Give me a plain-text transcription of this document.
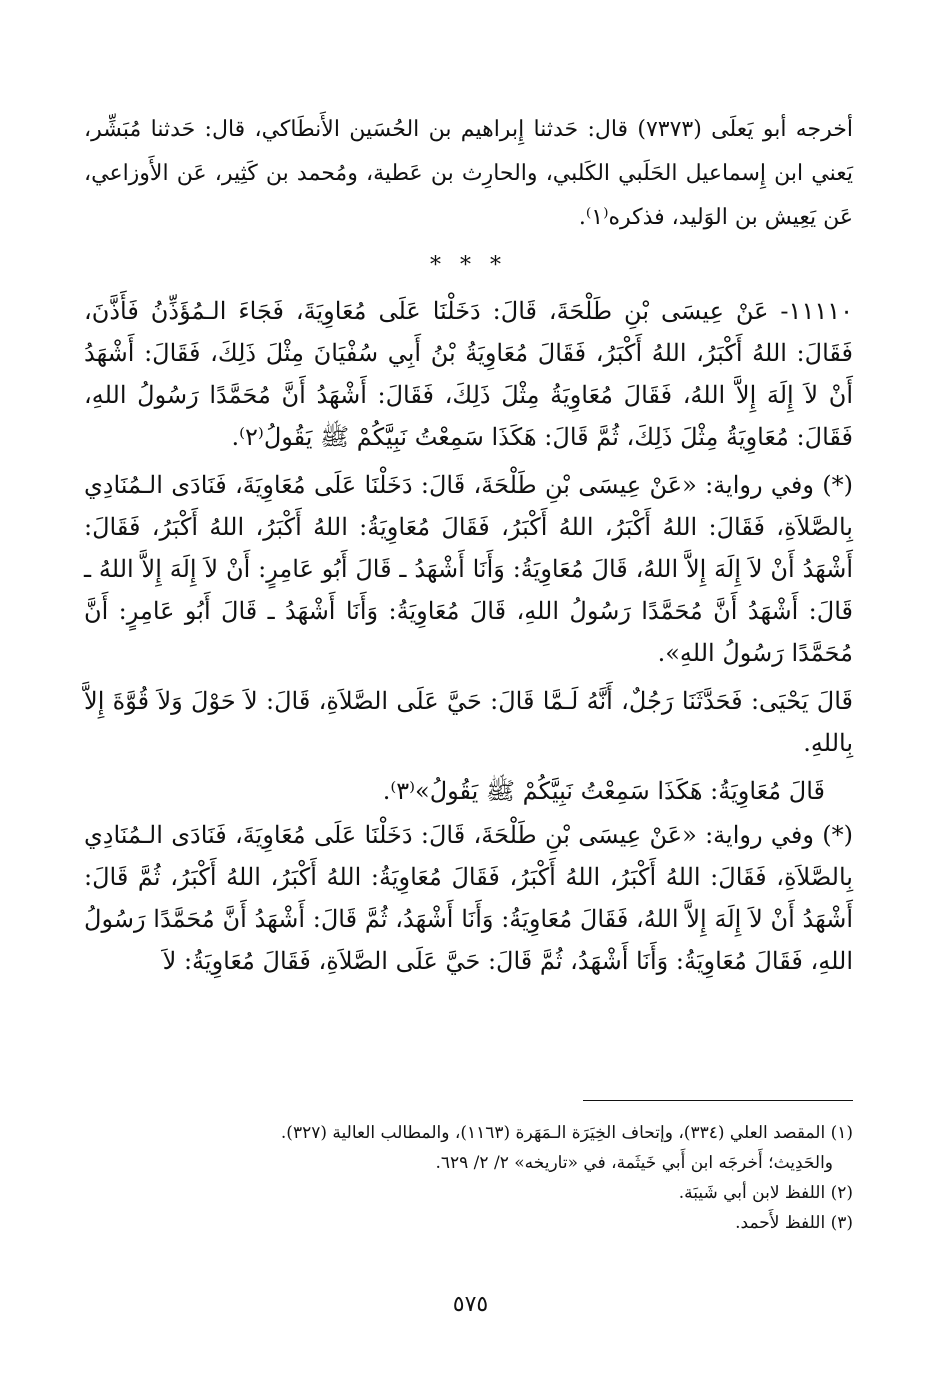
أخرجه أبو يَعلَى (٧٣٧٣) قال: حَدثنا إِبراهيم بن الحُسَين الأَنطَاكي، قال: حَدثنا مُبَشِّر، يَعني ابن إِسماعيل الحَلَبي الكَلبي، والحارِث بن عَطية، ومُحمد بن كَثِير، عَن الأَوزاعي، عَن يَعِيش بن الوَليد، فذكره⁽١⁾.

* * *

١١١١٠- عَنْ عِيسَى بْنِ طَلْحَةَ، قَالَ: دَخَلْنَا عَلَى مُعَاوِيَةَ، فَجَاءَ الـمُؤَذِّنُ فَأَذَّنَ، فَقَالَ: اللهُ أَكْبَرُ، اللهُ أَكْبَرُ، فَقَالَ مُعَاوِيَةُ بْنُ أَبِي سُفْيَانَ مِثْلَ ذَلِكَ، فَقَالَ: أَشْهَدُ أَنْ لاَ إِلَهَ إِلاَّ اللهُ، فَقَالَ مُعَاوِيَةُ مِثْلَ ذَلِكَ، فَقَالَ: أَشْهَدُ أَنَّ مُحَمَّدًا رَسُولُ اللهِ، فَقَالَ: مُعَاوِيَةُ مِثْلَ ذَلِكَ، ثُمَّ قَالَ: هَكَذَا سَمِعْتُ نَبِيَّكُمْ ﷺ يَقُولُ⁽٢⁾.

(*) وفي رواية: «عَنْ عِيسَى بْنِ طَلْحَةَ، قَالَ: دَخَلْنَا عَلَى مُعَاوِيَةَ، فَنَادَى الـمُنَادِي بِالصَّلاَةِ، فَقَالَ: اللهُ أَكْبَرُ، اللهُ أَكْبَرُ، فَقَالَ مُعَاوِيَةُ: اللهُ أَكْبَرُ، اللهُ أَكْبَرُ، فَقَالَ: أَشْهَدُ أَنْ لاَ إِلَهَ إِلاَّ اللهُ، قَالَ مُعَاوِيَةُ: وَأَنَا أَشْهَدُ ـ قَالَ أَبُو عَامِرٍ: أَنْ لاَ إِلَهَ إِلاَّ اللهُ ـ قَالَ: أَشْهَدُ أَنَّ مُحَمَّدًا رَسُولُ اللهِ، قَالَ مُعَاوِيَةُ: وَأَنَا أَشْهَدُ ـ قَالَ أَبُو عَامِرٍ: أَنَّ مُحَمَّدًا رَسُولُ اللهِ».

قَالَ يَحْيَى: فَحَدَّثَنَا رَجُلٌ، أَنَّهُ لَـمَّا قَالَ: حَيَّ عَلَى الصَّلاَةِ، قَالَ: لاَ حَوْلَ وَلاَ قُوَّةَ إِلاَّ بِاللهِ.

قَالَ مُعَاوِيَةُ: هَكَذَا سَمِعْتُ نَبِيَّكُمْ ﷺ يَقُولُ»⁽٣⁾.

(*) وفي رواية: «عَنْ عِيسَى بْنِ طَلْحَةَ، قَالَ: دَخَلْنَا عَلَى مُعَاوِيَةَ، فَنَادَى الـمُنَادِي بِالصَّلاَةِ، فَقَالَ: اللهُ أَكْبَرُ، اللهُ أَكْبَرُ، فَقَالَ مُعَاوِيَةُ: اللهُ أَكْبَرُ، اللهُ أَكْبَرُ، ثُمَّ قَالَ: أَشْهَدُ أَنْ لاَ إِلَهَ إِلاَّ اللهُ، فَقَالَ مُعَاوِيَةُ: وَأَنَا أَشْهَدُ، ثُمَّ قَالَ: أَشْهَدُ أَنَّ مُحَمَّدًا رَسُولُ اللهِ، فَقَالَ مُعَاوِيَةُ: وَأَنَا أَشْهَدُ، ثُمَّ قَالَ: حَيَّ عَلَى الصَّلاَةِ، فَقَالَ مُعَاوِيَةُ: لاَ

(١) المقصد العلي (٣٣٤)، وإتحاف الخِيَرَة الـمَهَرة (١١٦٣)، والمطالب العالية (٣٢٧).

والحَدِيث؛ أَخرجَه ابن أَبي خَيثَمة، في «تاريخه» ٢/ ٢/ ٦٢٩.

(٢) اللفظ لابن أبي شَيبَة.

(٣) اللفظ لأَحمد.

٥٧٥
